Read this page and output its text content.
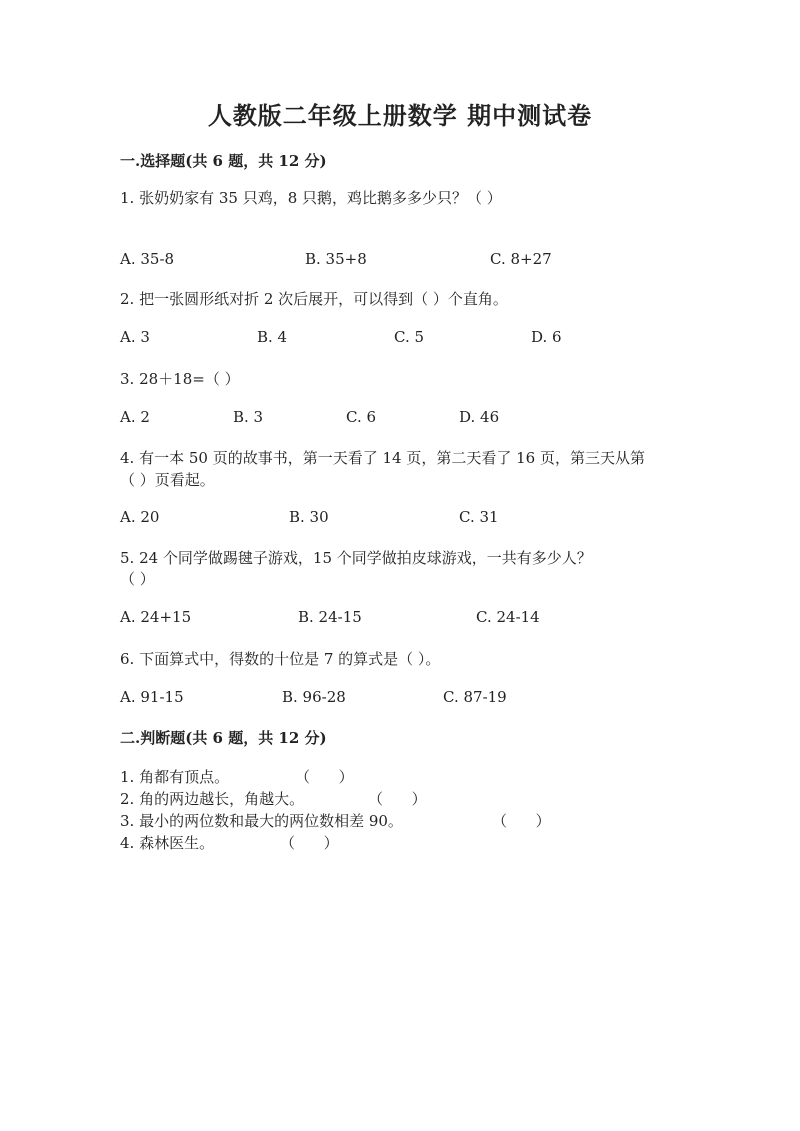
人教版二年级上册数学 期中测试卷
一.选择题(共 6 题，共 12 分)
1. 张奶奶家有 35 只鸡，8 只鹅，鸡比鹅多多少只？（ ）
A. 35-8	B. 35+8	C. 8+27
2. 把一张圆形纸对折 2 次后展开，可以得到（ ）个直角。
A. 3	B. 4	C. 5	D. 6
3. 28＋18=（ ）
A. 2	B. 3	C. 6	D. 46
4. 有一本 50 页的故事书，第一天看了 14 页，第二天看了 16 页，第三天从第
（ ）页看起。
A. 20	B. 30	C. 31
5. 24 个同学做踢毽子游戏，15 个同学做拍皮球游戏，一共有多少人？
（ ）
A. 24+15	B. 24-15	C. 24-14
6. 下面算式中，得数的十位是 7 的算式是（ ）。
A. 91-15	B. 96-28	C. 87-19
二.判断题(共 6 题，共 12 分)
1. 角都有顶点。	（      ）
2. 角的两边越长，角越大。	（      ）
3. 最小的两位数和最大的两位数相差 90。	（      ）
4. 森林医生。	（      ）
